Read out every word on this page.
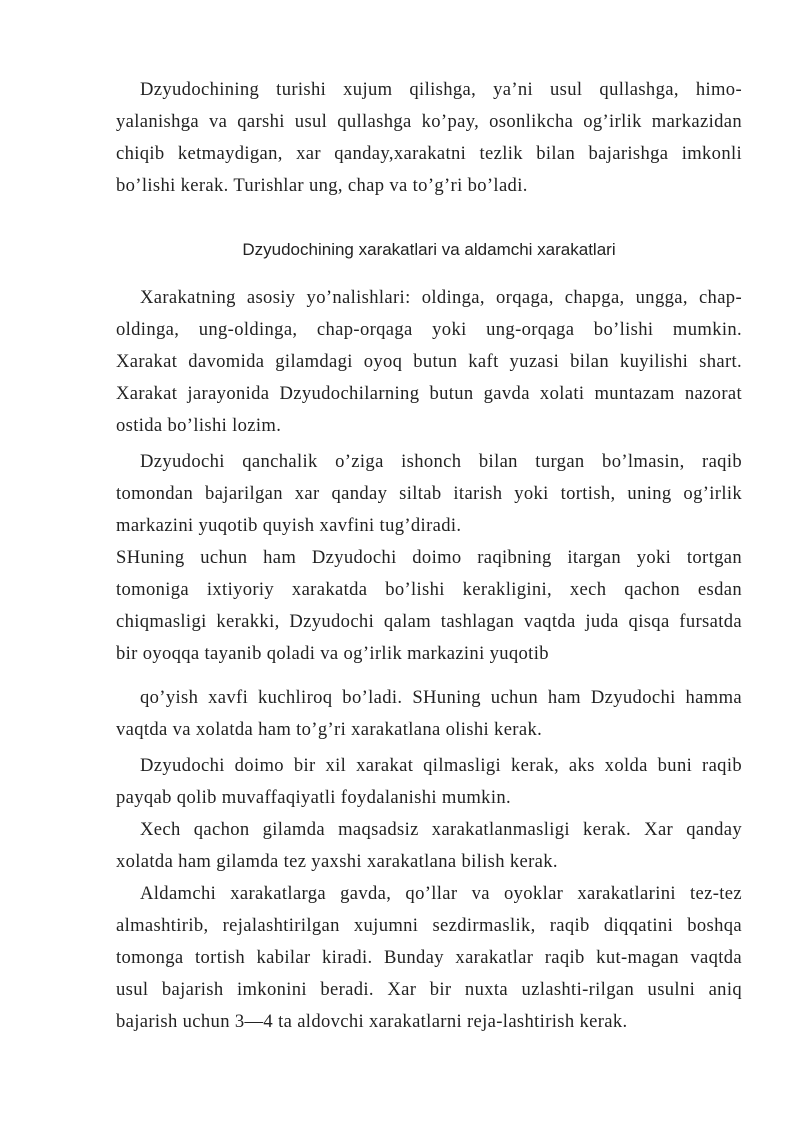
Dzyudochining turishi xujum qilishga, ya’ni usul qullashga, himo-
yalanishga va qarshi usul qullashga ko’pay, osonlikcha og’irlik markazidan
chiqib ketmaydigan, xar qanday,xarakatni tezlik bilan bajarishga imkonli
bo’lishi kerak. Turishlar ung, chap va to’g’ri bo’ladi.
Dzyudochining xarakatlari va aldamchi xarakatlari
Xarakatning asosiy yo’nalishlari: oldinga, orqaga, chapga, ungga, chap-
oldinga, ung-oldinga, chap-orqaga yoki ung-orqaga bo’lishi mumkin.
Xarakat davomida gilamdagi oyoq butun kaft yuzasi bilan kuyilishi shart.
Xarakat jarayonida Dzyudochilarning butun gavda xolati muntazam nazorat
ostida bo’lishi lozim.
Dzyudochi qanchalik o’ziga ishonch bilan turgan bo’lmasin, raqib
tomondan bajarilgan xar qanday siltab itarish yoki tortish, uning og’irlik
markazini yuqotib quyish xavfini tug’diradi.
SHuning uchun ham Dzyudochi doimo raqibning itargan yoki tortgan
tomoniga ixtiyoriy xarakatda bo’lishi kerakligini, xech qachon esdan
chiqmasligi kerakki, Dzyudochi qalam tashlagan vaqtda juda qisqa fursatda
bir oyoqqa tayanib qoladi va og’irlik markazini yuqotib
qo’yish xavfi kuchliroq bo’ladi. SHuning uchun ham Dzyudochi hamma
vaqtda va xolatda ham to’g’ri xarakatlana olishi kerak.
Dzyudochi doimo bir xil xarakat qilmasligi kerak, aks xolda buni raqib
payqab qolib muvaffaqiyatli foydalanishi mumkin.
Xech qachon gilamda maqsadsiz xarakatlanmasligi kerak. Xar qanday
xolatda ham gilamda tez yaxshi xarakatlana bilish kerak.
Aldamchi xarakatlarga gavda, qo’llar va oyoklar xarakatlarini tez-tez
almashtirib, rejalashtirilgan xujumni sezdirmaslik, raqib diqqatini boshqa
tomonga tortish kabilar kiradi. Bunday xarakatlar raqib kut-magan vaqtda
usul bajarish imkonini beradi. Xar bir nuxta uzlashti-rilgan usulni aniq
bajarish uchun 3—4 ta aldovchi xarakatlarni reja-lashtirish kerak.
